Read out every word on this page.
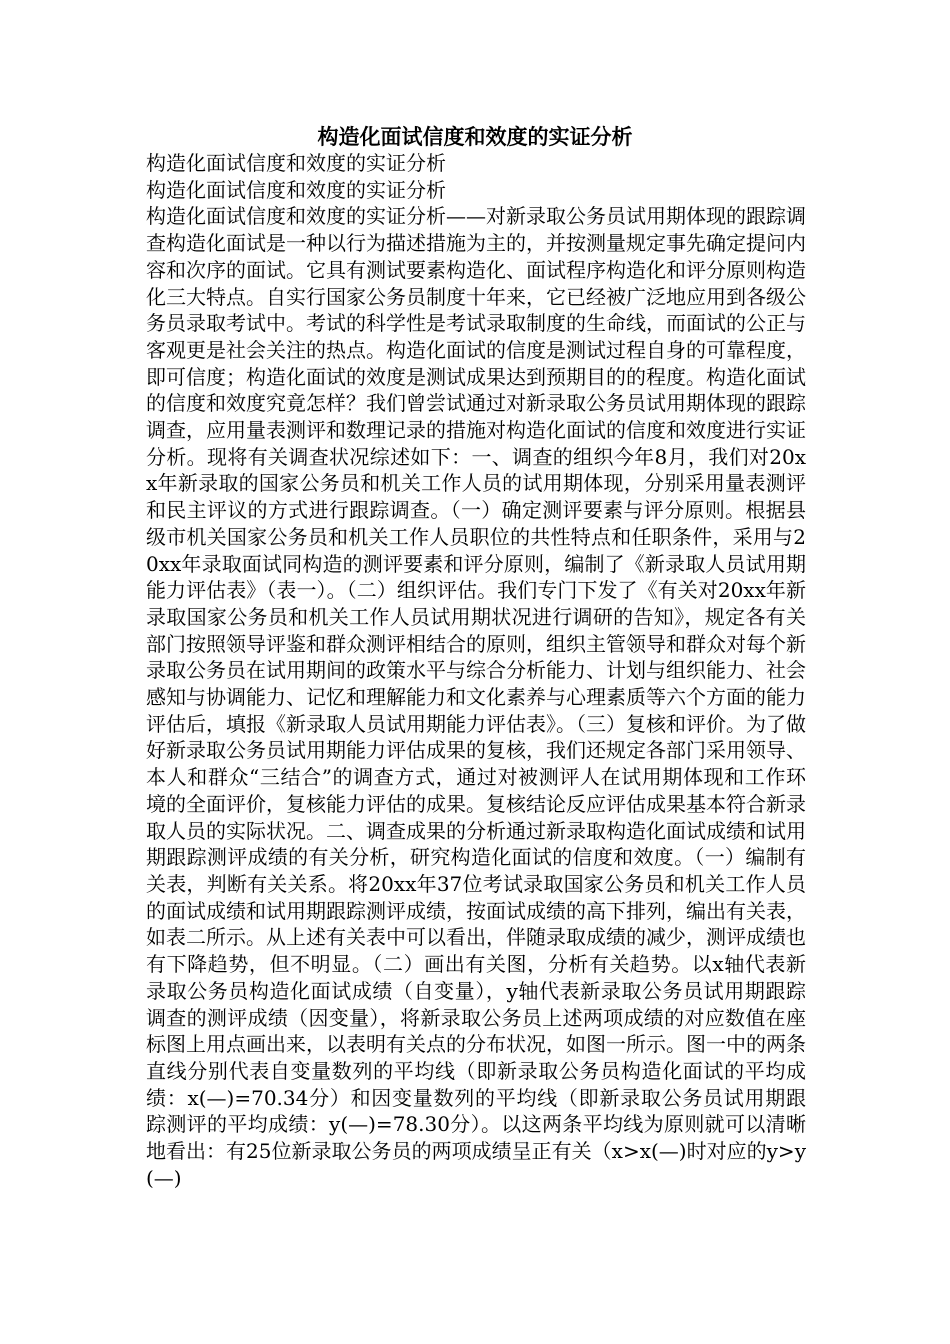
构造化面试信度和效度的实证分析

构造化面试信度和效度的实证分析

构造化面试信度和效度的实证分析

构造化面试信度和效度的实证分析——对新录取公务员试用期体现的跟踪调查构造化面试是一种以行为描述措施为主的，并按测量规定事先确定提问内容和次序的面试。它具有测试要素构造化、面试程序构造化和评分原则构造化三大特点。自实行国家公务员制度十年来，它已经被广泛地应用到各级公务员录取考试中。考试的科学性是考试录取制度的生命线，而面试的公正与客观更是社会关注的热点。构造化面试的信度是测试过程自身的可靠程度，即可信度；构造化面试的效度是测试成果达到预期目的的程度。构造化面试的信度和效度究竟怎样？我们曾尝试通过对新录取公务员试用期体现的跟踪调查，应用量表测评和数理记录的措施对构造化面试的信度和效度进行实证分析。现将有关调查状况综述如下：一、调查的组织今年8月，我们对20xx年新录取的国家公务员和机关工作人员的试用期体现，分别采用量表测评和民主评议的方式进行跟踪调查。（一）确定测评要素与评分原则。根据县级市机关国家公务员和机关工作人员职位的共性特点和任职条件，采用与20xx年录取面试同构造的测评要素和评分原则，编制了《新录取人员试用期能力评估表》（表一）。（二）组织评估。我们专门下发了《有关对20xx年新录取国家公务员和机关工作人员试用期状况进行调研的告知》，规定各有关部门按照领导评鉴和群众测评相结合的原则，组织主管领导和群众对每个新录取公务员在试用期间的政策水平与综合分析能力、计划与组织能力、社会感知与协调能力、记忆和理解能力和文化素养与心理素质等六个方面的能力评估后，填报《新录取人员试用期能力评估表》。（三）复核和评价。为了做好新录取公务员试用期能力评估成果的复核，我们还规定各部门采用领导、本人和群众“三结合”的调查方式，通过对被测评人在试用期体现和工作环境的全面评价，复核能力评估的成果。复核结论反应评估成果基本符合新录取人员的实际状况。二、调查成果的分析通过新录取构造化面试成绩和试用期跟踪测评成绩的有关分析，研究构造化面试的信度和效度。（一）编制有关表，判断有关关系。将20xx年37位考试录取国家公务员和机关工作人员的面试成绩和试用期跟踪测评成绩，按面试成绩的高下排列，编出有关表，如表二所示。从上述有关表中可以看出，伴随录取成绩的减少，测评成绩也有下降趋势，但不明显。（二）画出有关图，分析有关趋势。以x轴代表新录取公务员构造化面试成绩（自变量），y轴代表新录取公务员试用期跟踪调查的测评成绩（因变量），将新录取公务员上述两项成绩的对应数值在座标图上用点画出来，以表明有关点的分布状况，如图一所示。图一中的两条直线分别代表自变量数列的平均线（即新录取公务员构造化面试的平均成绩：x(—)=70.34分）和因变量数列的平均线（即新录取公务员试用期跟踪测评的平均成绩：y(—)=78.30分）。以这两条平均线为原则就可以清晰地看出：有25位新录取公务员的两项成绩呈正有关（x>x(—)时对应的y>y(—)
